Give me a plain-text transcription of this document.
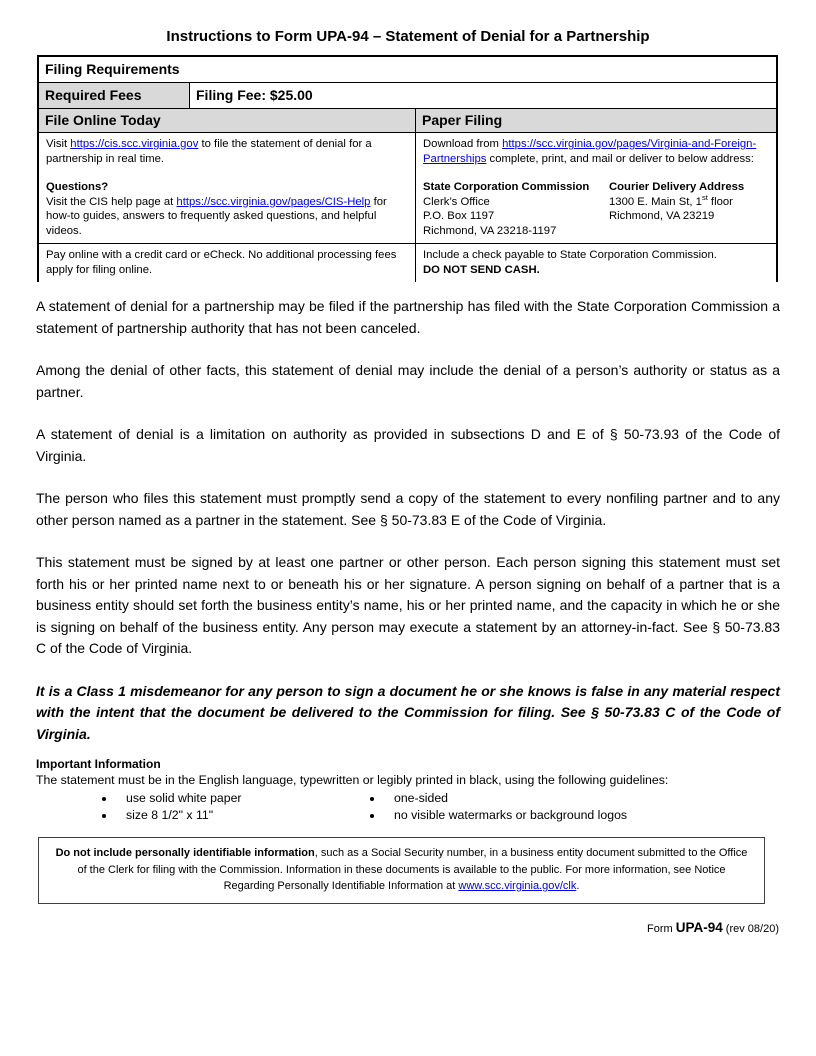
Instructions to Form UPA-94 – Statement of Denial for a Partnership
Filing Requirements
Required Fees	Filing Fee: $25.00
File Online Today	Paper Filing

Visit https://cis.scc.virginia.gov to file the statement of denial for a partnership in real time.

Questions?

Visit the CIS help page at https://scc.virginia.gov/pages/CIS-Help for how-to guides, answers to frequently asked questions, and helpful videos.

Download from https://scc.virginia.gov/pages/Virginia-and-Foreign-Partnerships complete, print, and mail or deliver to below address:

State Corporation Commission
Clerk’s Office
P.O. Box 1197
Richmond, VA 23218-1197
Courier Delivery Address
1300 E. Main St, 1st floor
Richmond, VA 23219
Pay online with a credit card or eCheck. No additional processing fees apply for filing online.
Include a check payable to State Corporation Commission.
DO NOT SEND CASH.

A statement of denial for a partnership may be filed if the partnership has filed with the State Corporation Commission a statement of partnership authority that has not been canceled.

Among the denial of other facts, this statement of denial may include the denial of a person’s authority or status as a partner.

A statement of denial is a limitation on authority as provided in subsections D and E of § 50-73.93 of the Code of Virginia.

The person who files this statement must promptly send a copy of the statement to every nonfiling partner and to any other person named as a partner in the statement. See § 50-73.83 E of the Code of Virginia.

This statement must be signed by at least one partner or other person. Each person signing this statement must set forth his or her printed name next to or beneath his or her signature. A person signing on behalf of a partner that is a business entity should set forth the business entity’s name, his or her printed name, and the capacity in which he or she is signing on behalf of the business entity. Any person may execute a statement by an attorney-in-fact. See § 50-73.83 C of the Code of Virginia.

It is a Class 1 misdemeanor for any person to sign a document he or she knows is false in any material respect with the intent that the document be delivered to the Commission for filing. See § 50-73.83 C of the Code of Virginia.

Important Information
The statement must be in the English language, typewritten or legibly printed in black, using the following guidelines:
• use solid white paper
• size 8 1/2" x 11"
• one-sided
• no visible watermarks or background logos
Do not include personally identifiable information, such as a Social Security number, in a business entity document submitted to the Office of the Clerk for filing with the Commission. Information in these documents is available to the public. For more information, see Notice Regarding Personally Identifiable Information at www.scc.virginia.gov/clk.
Form UPA-94 (rev 08/20)
